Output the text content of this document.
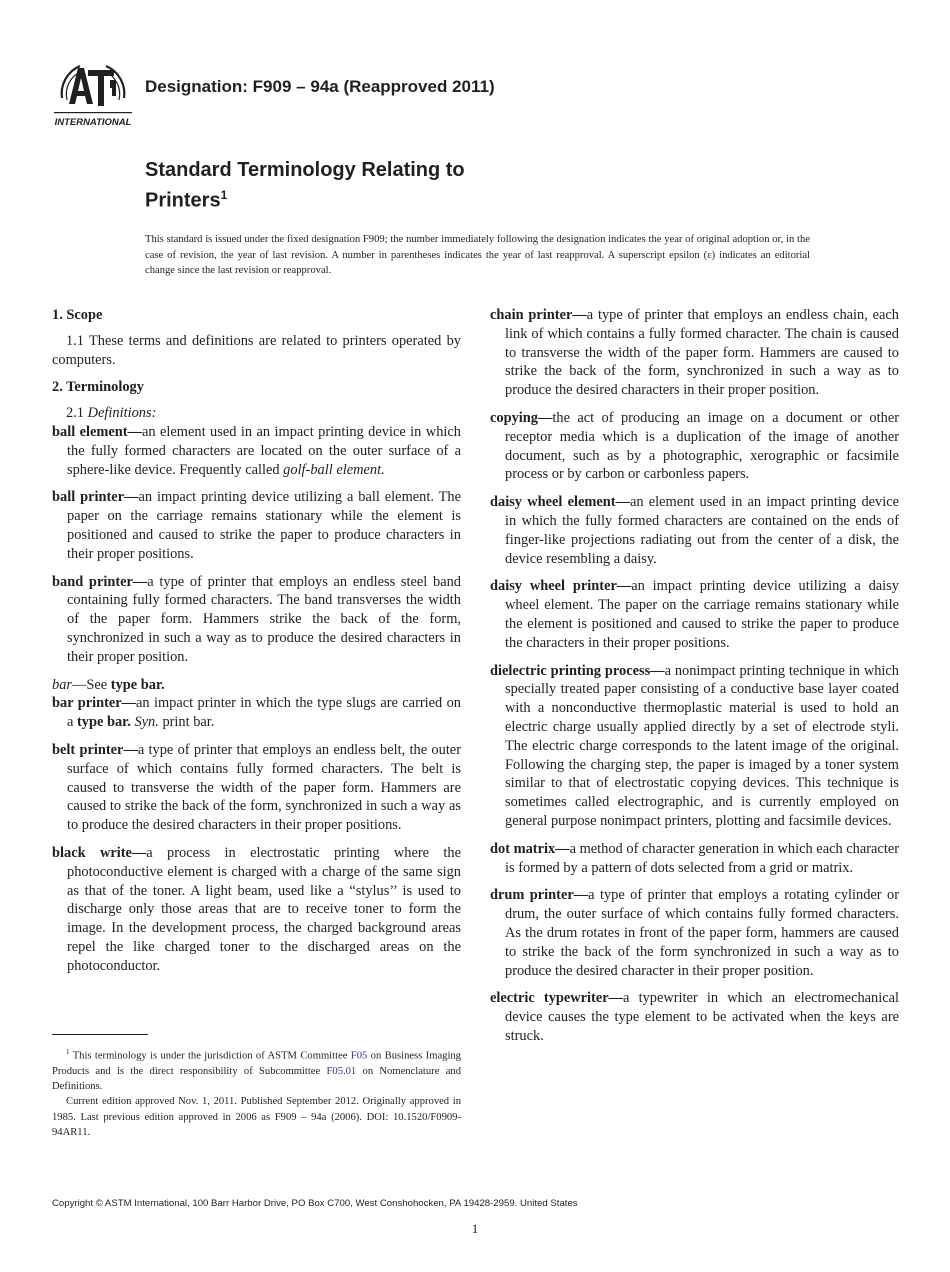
INTERNATIONAL
Designation: F909 – 94a (Reapproved 2011)
Standard Terminology Relating to
Printers$^1$
This standard is issued under the fixed designation F909; the number immediately following the designation indicates the year of original adoption or, in the case of revision, the year of last revision. A number in parentheses indicates the year of last reapproval. A superscript epsilon (ε) indicates an editorial change since the last revision or reapproval.
1. Scope

1.1 These terms and definitions are related to printers operated by computers.

2. Terminology

2.1 Definitions:

ball element—an element used in an impact printing device in which the fully formed characters are located on the outer surface of a sphere-like device. Frequently called golf-ball element.

ball printer—an impact printing device utilizing a ball element. The paper on the carriage remains stationary while the element is positioned and caused to strike the paper to produce characters in their proper positions.

band printer—a type of printer that employs an endless steel band containing fully formed characters. The band transverses the width of the paper form. Hammers strike the back of the form, synchronized in such a way as to produce the desired characters in their proper position.

bar—See type bar.

bar printer—an impact printer in which the type slugs are carried on a type bar. Syn. print bar.

belt printer—a type of printer that employs an endless belt, the outer surface of which contains fully formed characters. The belt is caused to transverse the width of the paper form. Hammers are caused to strike the back of the form, synchronized in such a way as to produce the desired characters in their proper positions.

black write—a process in electrostatic printing where the photoconductive element is charged with a charge of the same sign as that of the toner. A light beam, used like a “stylus’’ is used to discharge only those areas that are to receive toner to form the image. In the development process, the charged background areas repel the like charged toner to the discharged areas on the photoconductor.

$^1$ This terminology is under the jurisdiction of ASTM Committee F05 on Business Imaging Products and is the direct responsibility of Subcommittee F05.01 on Nomenclature and Definitions.

Current edition approved Nov. 1, 2011. Published September 2012. Originally approved in 1985. Last previous edition approved in 2006 as F909 – 94a (2006). DOI: 10.1520/F0909-94AR11.

chain printer—a type of printer that employs an endless chain, each link of which contains a fully formed character. The chain is caused to transverse the width of the paper form. Hammers are caused to strike the back of the form, synchronized in such a way as to produce the desired characters in their proper position.

copying—the act of producing an image on a document or other receptor media which is a duplication of the image of another document, such as by a photographic, xerographic or facsimile process or by carbon or carbonless papers.

daisy wheel element—an element used in an impact printing device in which the fully formed characters are contained on the ends of finger-like projections radiating out from the center of a disk, the device resembling a daisy.

daisy wheel printer—an impact printing device utilizing a daisy wheel element. The paper on the carriage remains stationary while the element is positioned and caused to strike the paper to produce the characters in their proper positions.

dielectric printing process—a nonimpact printing technique in which specially treated paper consisting of a conductive base layer coated with a nonconductive thermoplastic material is used to hold an electric charge usually applied directly by a set of electrode styli. The electric charge corresponds to the latent image of the original. Following the charging step, the paper is imaged by a toner system similar to that of electrostatic copying devices. This technique is sometimes called electrographic, and is currently employed on general purpose nonimpact printers, plotting and facsimile devices.

dot matrix—a method of character generation in which each character is formed by a pattern of dots selected from a grid or matrix.

drum printer—a type of printer that employs a rotating cylinder or drum, the outer surface of which contains fully formed characters. As the drum rotates in front of the paper form, hammers are caused to strike the back of the form synchronized in such a way as to produce the desired character in their proper position.

electric typewriter—a typewriter in which an electromechanical device causes the type element to be activated when the keys are struck.

Copyright © ASTM International, 100 Barr Harbor Drive, PO Box C700, West Conshohocken, PA 19428-2959. United States
1
